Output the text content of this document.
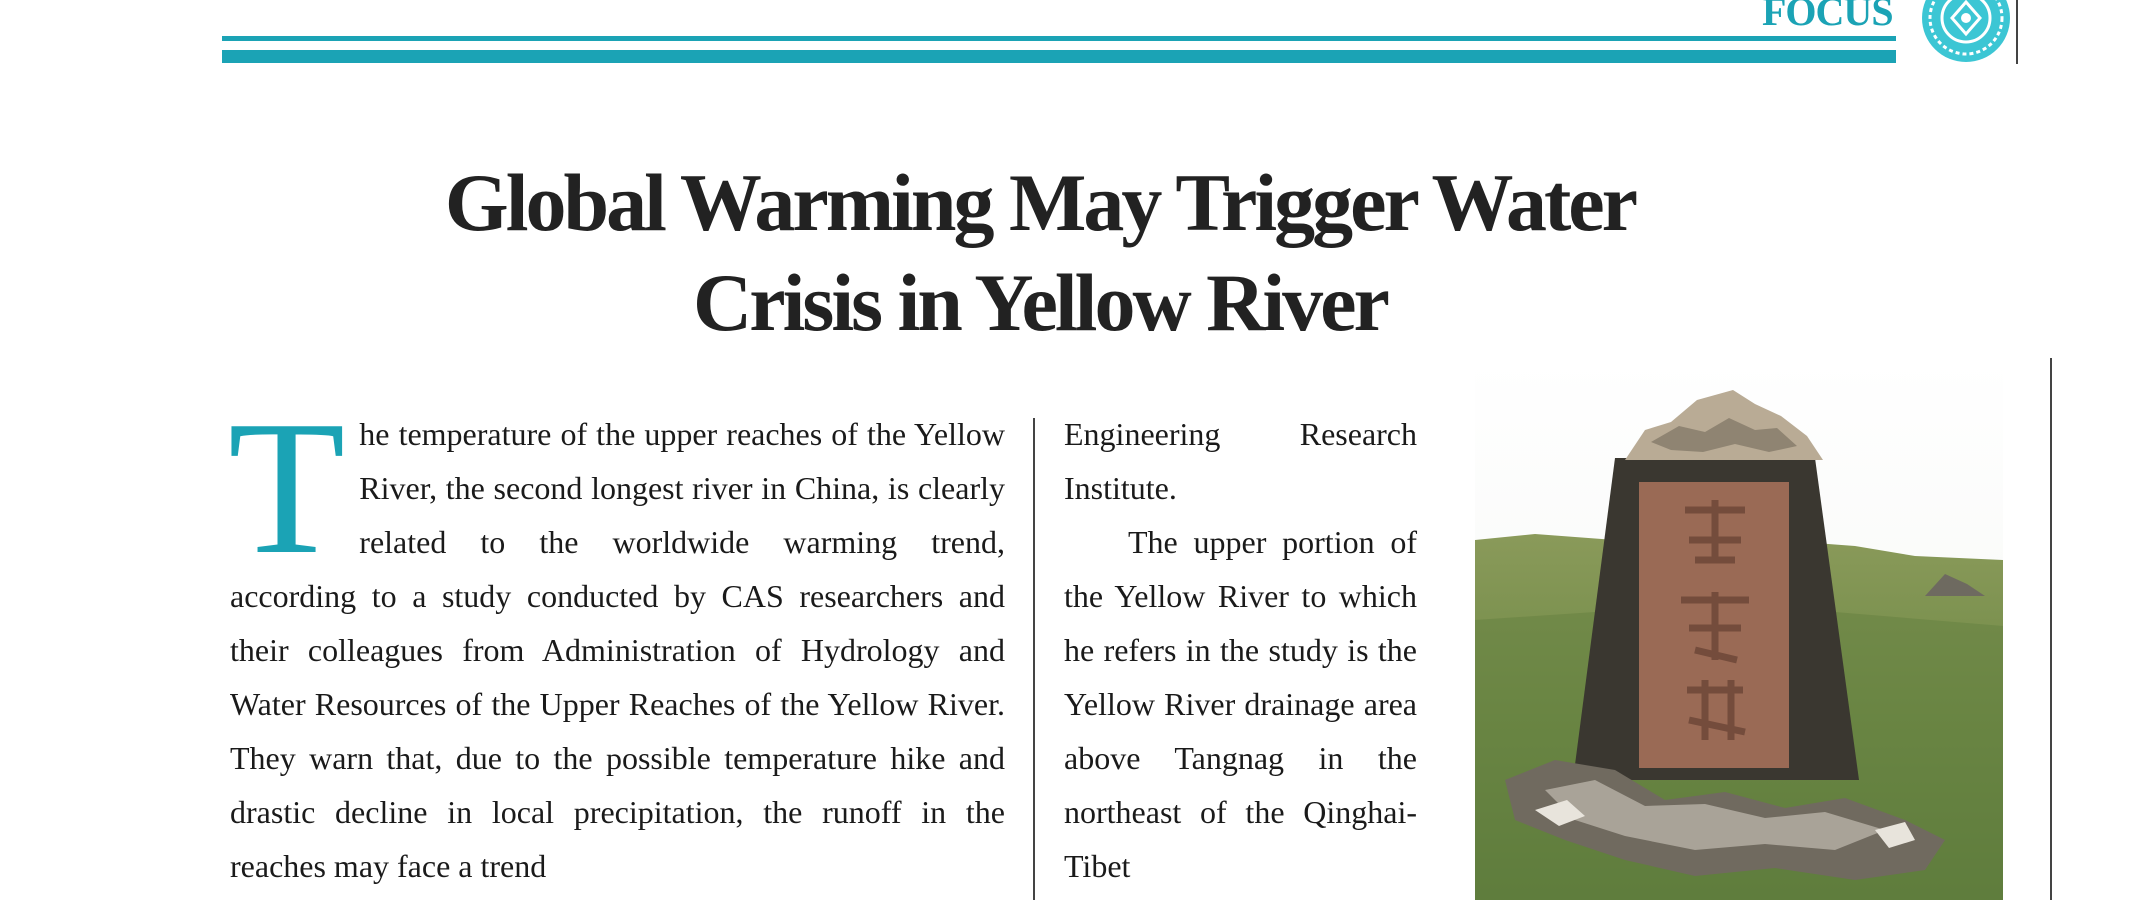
FOCUS
Global Warming May Trigger Water
Crisis in Yellow River
T he temperature of the upper reaches of the Yellow River, the second longest river in China, is clearly related to the worldwide warming trend, according to a study conducted by CAS researchers and their colleagues from Administration of Hydrology and Water Resources of the Upper Reaches of the Yellow River. They warn that, due to the possible temperature hike and drastic decline in local precipitation, the runoff in the reaches may face a trend

Engineering Research Institute.

The upper portion of the Yellow River to which he refers in the study is the Yellow River drainage area above Tangnag in the northeast of the Qinghai-Tibet
